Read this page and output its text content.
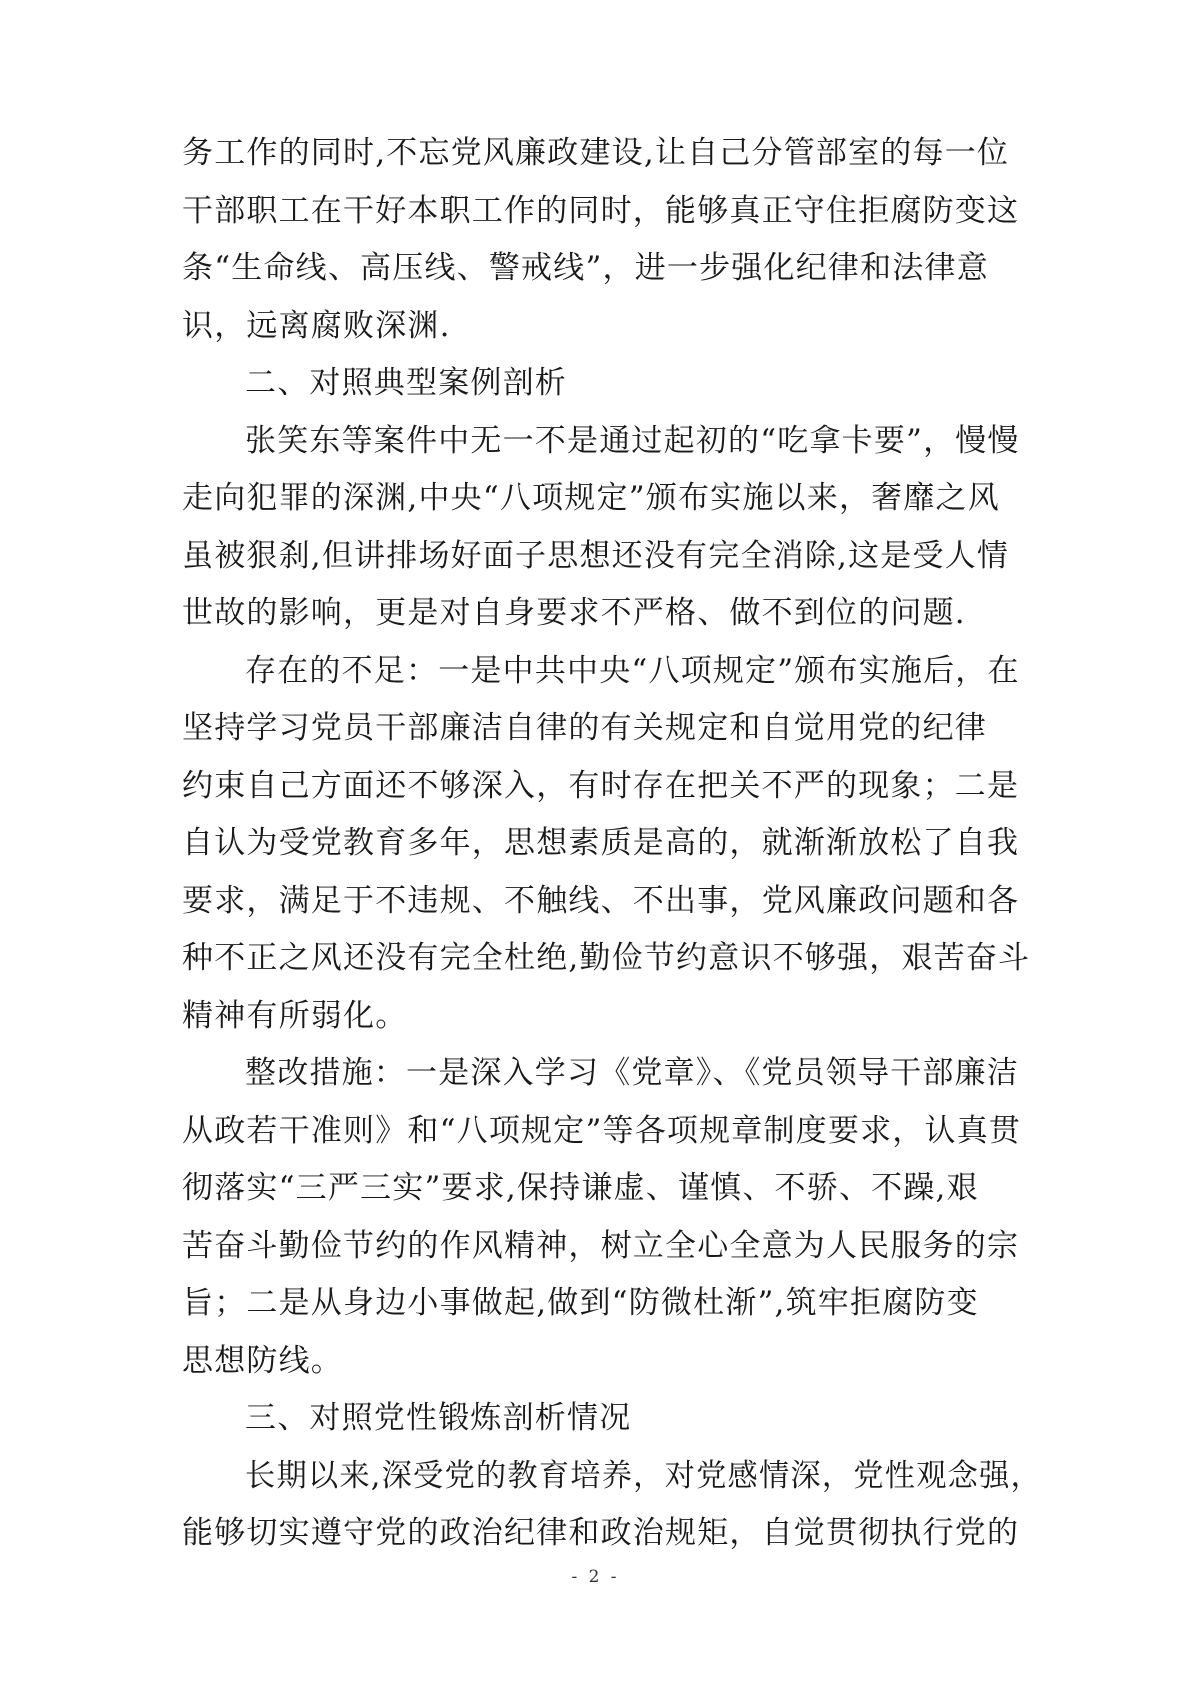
务工作的同时,不忘党风廉政建设,让自己分管部室的每一位
干部职工在干好本职工作的同时，能够真正守住拒腐防变这
条“生命线、高压线、警戒线”，进一步强化纪律和法律意
识，远离腐败深渊.
二、对照典型案例剖析
张笑东等案件中无一不是通过起初的“吃拿卡要”，慢慢
走向犯罪的深渊,中央“八项规定”颁布实施以来，奢靡之风
虽被狠刹,但讲排场好面子思想还没有完全消除,这是受人情
世故的影响，更是对自身要求不严格、做不到位的问题.
存在的不足：一是中共中央“八项规定”颁布实施后，在
坚持学习党员干部廉洁自律的有关规定和自觉用党的纪律
约束自己方面还不够深入，有时存在把关不严的现象；二是
自认为受党教育多年，思想素质是高的，就渐渐放松了自我
要求，满足于不违规、不触线、不出事，党风廉政问题和各
种不正之风还没有完全杜绝,勤俭节约意识不够强，艰苦奋斗
精神有所弱化。
整改措施：一是深入学习《党章》、《党员领导干部廉洁
从政若干准则》和“八项规定”等各项规章制度要求，认真贯
彻落实“三严三实”要求,保持谦虚、谨慎、不骄、不躁,艰
苦奋斗勤俭节约的作风精神，树立全心全意为人民服务的宗
旨；二是从身边小事做起,做到“防微杜渐”,筑牢拒腐防变
思想防线。
三、对照党性锻炼剖析情况
长期以来,深受党的教育培养，对党感情深，党性观念强，
能够切实遵守党的政治纪律和政治规矩，自觉贯彻执行党的
- 2 -
